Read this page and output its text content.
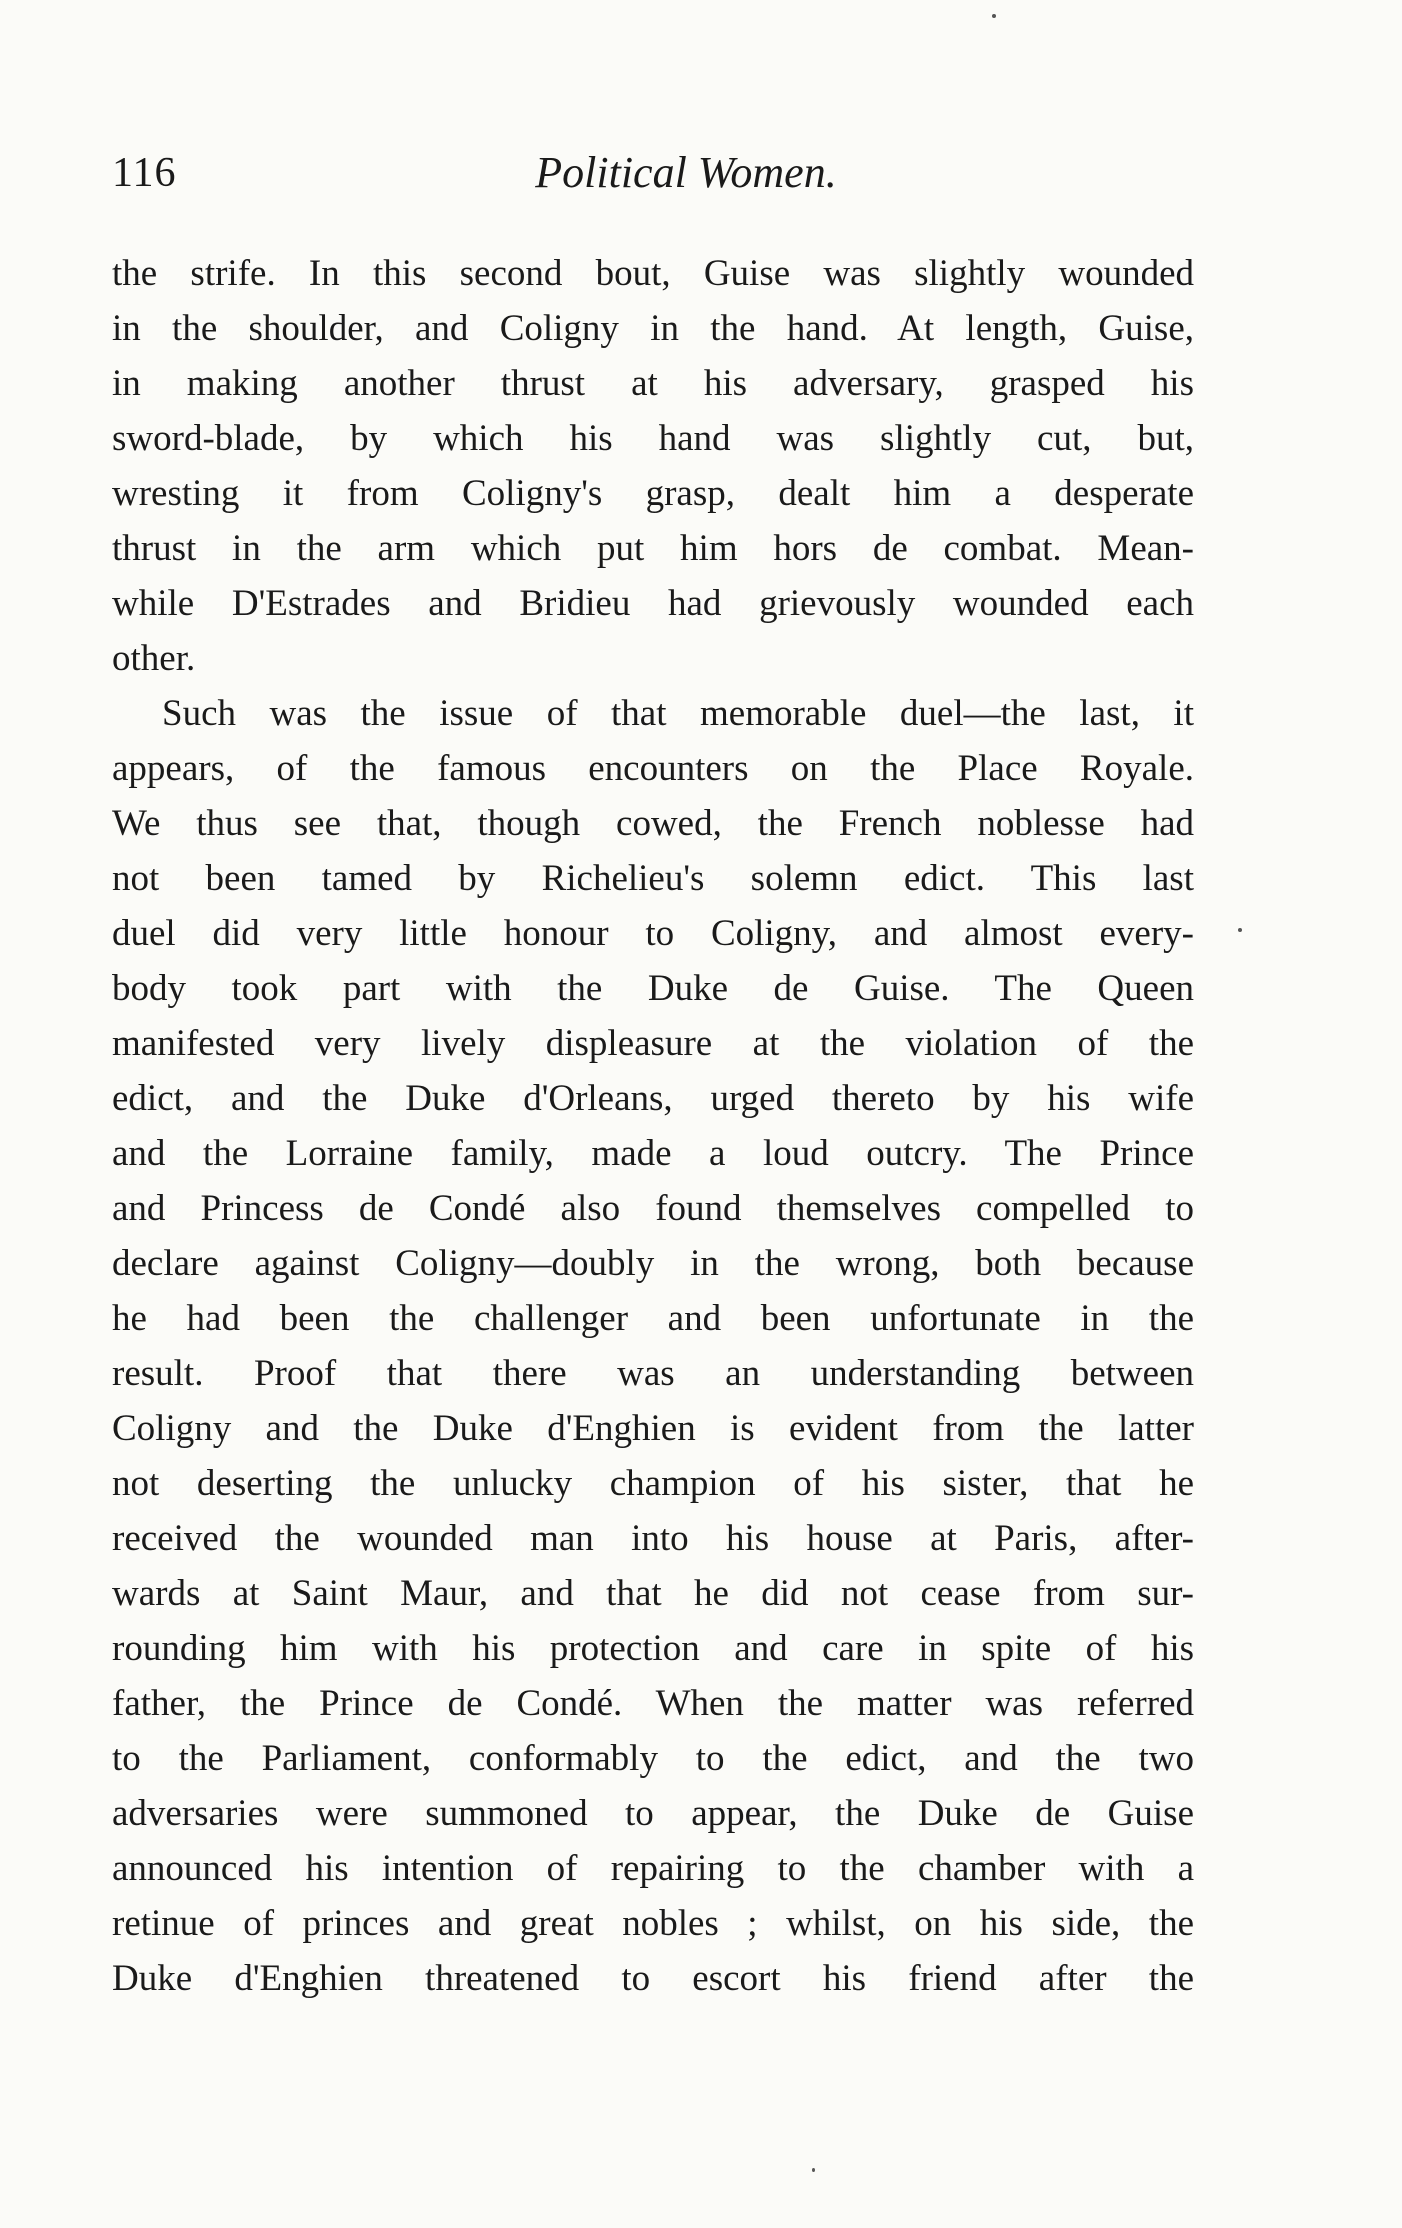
116	Political Women.
the strife. In this second bout, Guise was slightly wounded
in the shoulder, and Coligny in the hand. At length, Guise,
in making another thrust at his adversary, grasped his
sword-blade, by which his hand was slightly cut, but,
wresting it from Coligny's grasp, dealt him a desperate
thrust in the arm which put him hors de combat. Mean-
while D'Estrades and Bridieu had grievously wounded each
other.
Such was the issue of that memorable duel—the last, it
appears, of the famous encounters on the Place Royale.
We thus see that, though cowed, the French noblesse had
not been tamed by Richelieu's solemn edict. This last
duel did very little honour to Coligny, and almost every-
body took part with the Duke de Guise. The Queen
manifested very lively displeasure at the violation of the
edict, and the Duke d'Orleans, urged thereto by his wife
and the Lorraine family, made a loud outcry. The Prince
and Princess de Condé also found themselves compelled to
declare against Coligny—doubly in the wrong, both because
he had been the challenger and been unfortunate in the
result. Proof that there was an understanding between
Coligny and the Duke d'Enghien is evident from the latter
not deserting the unlucky champion of his sister, that he
received the wounded man into his house at Paris, after-
wards at Saint Maur, and that he did not cease from sur-
rounding him with his protection and care in spite of his
father, the Prince de Condé. When the matter was referred
to the Parliament, conformably to the edict, and the two
adversaries were summoned to appear, the Duke de Guise
announced his intention of repairing to the chamber with a
retinue of princes and great nobles ; whilst, on his side, the
Duke d'Enghien threatened to escort his friend after the
